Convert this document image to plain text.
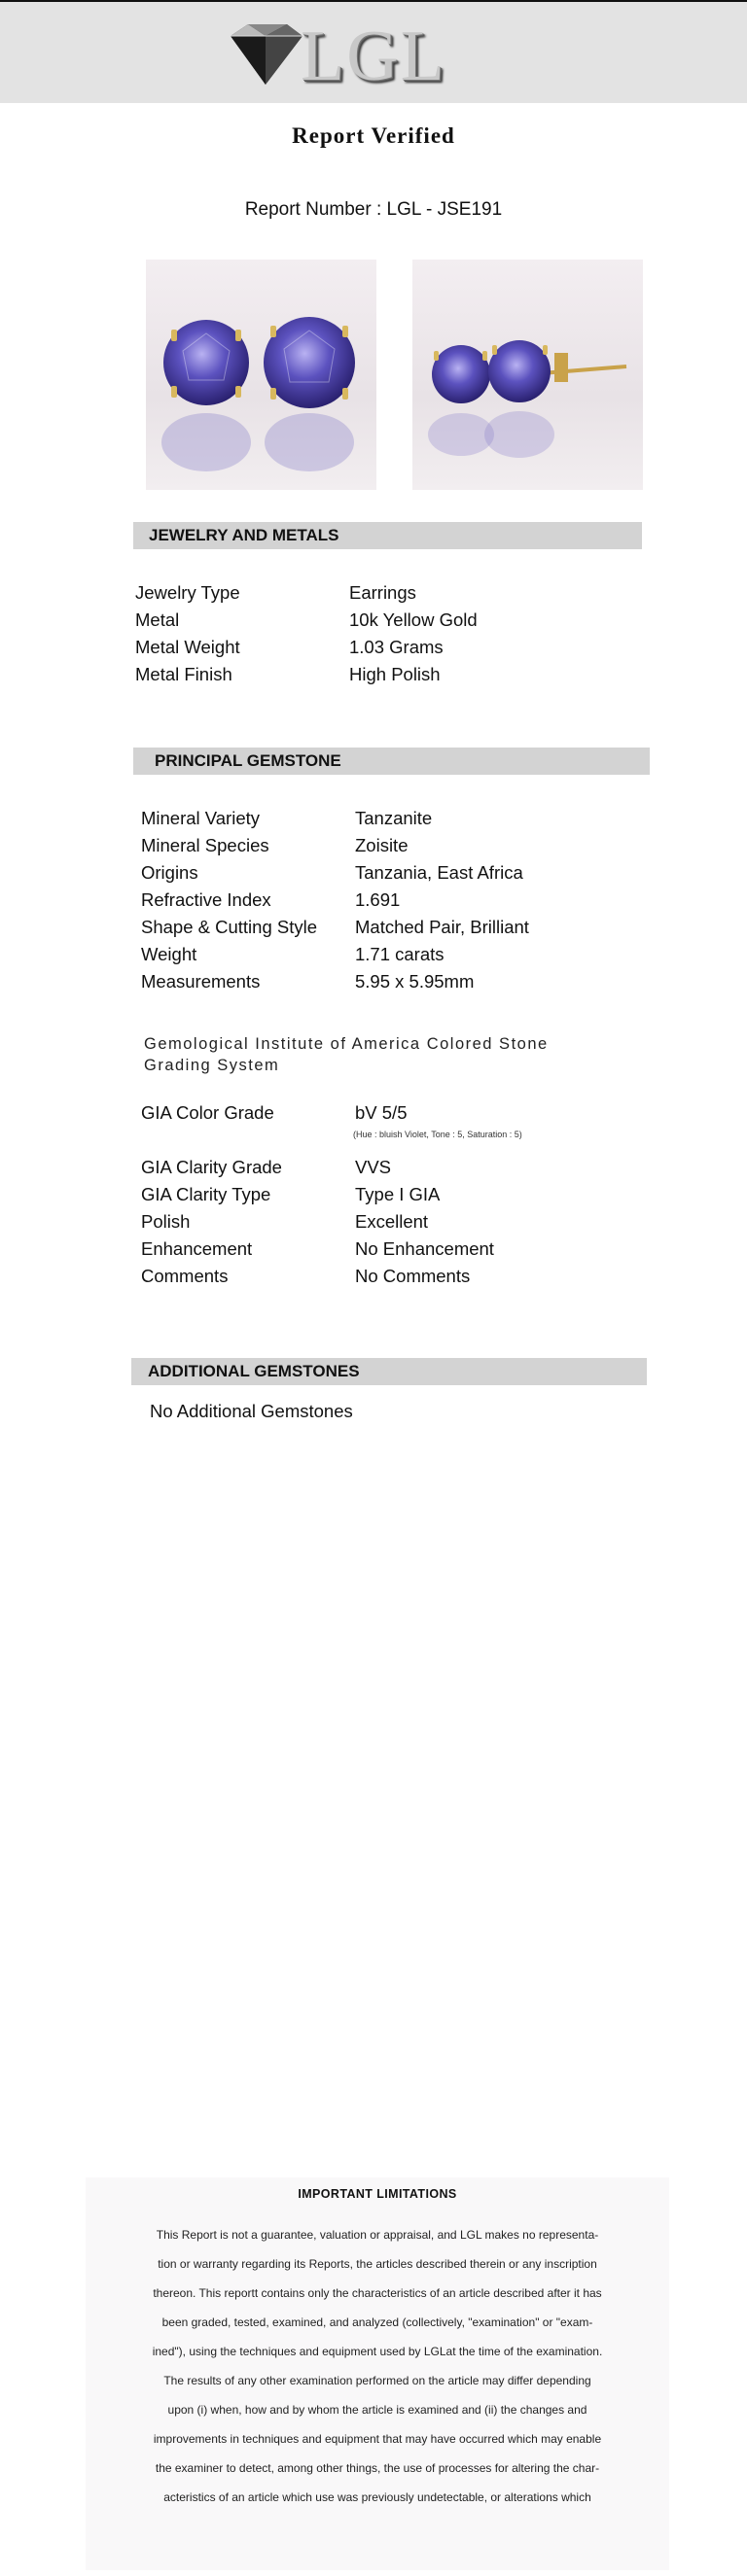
LGL
Report Verified
Report Number : LGL - JSE191
JEWELRY AND METALS
Jewelry Type	Earrings
Metal	10k Yellow Gold
Metal Weight	1.03 Grams
Metal Finish	High Polish
PRINCIPAL GEMSTONE
Mineral Variety	Tanzanite
Mineral Species	Zoisite
Origins	Tanzania, East Africa
Refractive Index	1.691
Shape & Cutting Style	Matched Pair, Brilliant
Weight	1.71 carats
Measurements	5.95 x 5.95mm
Gemological Institute of America Colored Stone Grading System
GIA Color Grade	bV 5/5
GIA Clarity Grade	VVS
GIA Clarity Type	Type I GIA
Polish	Excellent
Enhancement	No Enhancement
Comments	No Comments
(Hue : bluish Violet, Tone : 5, Saturation : 5)
ADDITIONAL GEMSTONES
No Additional Gemstones
IMPORTANT LIMITATIONS
This Report is not a guarantee, valuation or appraisal, and LGL makes no representa-
tion or warranty regarding its Reports, the articles described therein or any inscription
thereon. This reportt contains only the characteristics of an article described after it has
been graded, tested, examined, and analyzed (collectively, "examination" or "exam-
ined"), using the techniques and equipment used by LGLat the time of the examination.
The results of any other examination performed on the article may differ depending
upon (i) when, how and by whom the article is examined and (ii) the changes and
improvements in techniques and equipment that may have occurred which may enable
the examiner to detect, among other things, the use of processes for altering the char-
acteristics of an article which use was previously undetectable, or alterations which
